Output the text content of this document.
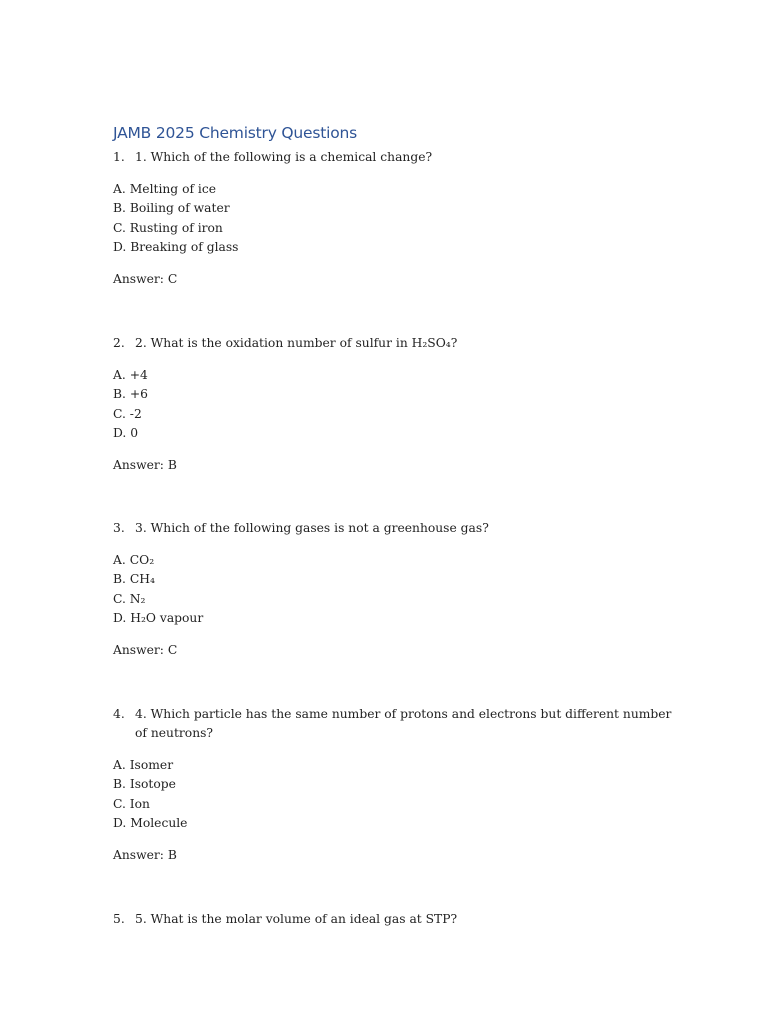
JAMB 2025 Chemistry Questions
1. 1. Which of the following is a chemical change?
A. Melting of ice
B. Boiling of water
C. Rusting of iron
D. Breaking of glass
Answer: C
2. 2. What is the oxidation number of sulfur in H₂SO₄?
A. +4
B. +6
C. -2
D. 0
Answer: B
3. 3. Which of the following gases is not a greenhouse gas?
A. CO₂
B. CH₄
C. N₂
D. H₂O vapour
Answer: C
4. 4. Which particle has the same number of protons and electrons but different number of neutrons?
A. Isomer
B. Isotope
C. Ion
D. Molecule
Answer: B
5. 5. What is the molar volume of an ideal gas at STP?
